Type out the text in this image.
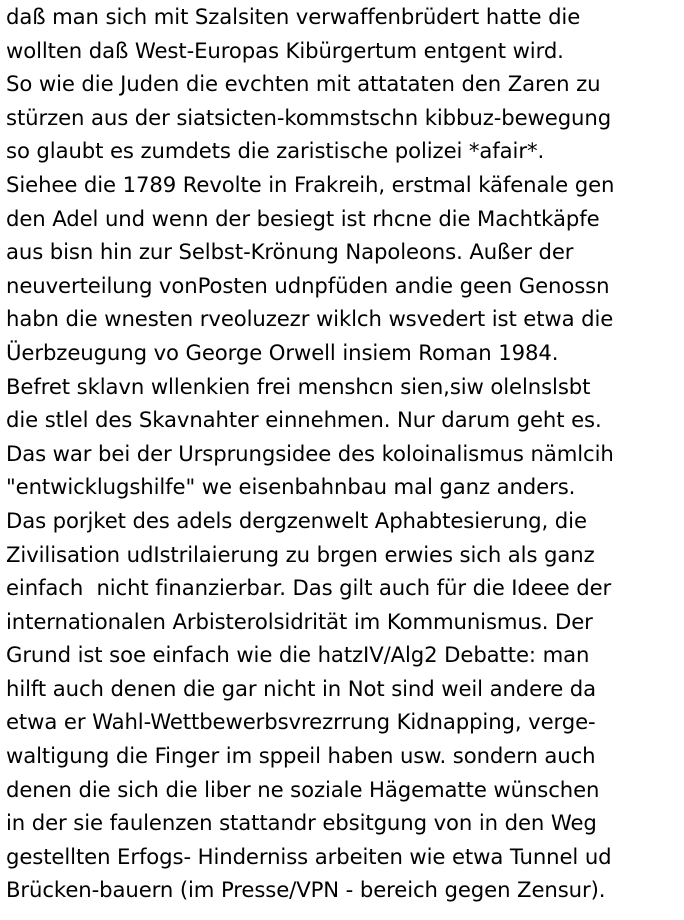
daß man sich mit Szalsiten verwaffenbrüdert hatte die
wollten daß West-Europas Kibürgertum entgent wird.
So wie die Juden die evchten mit attatat​en den Zaren zu
stürzen aus der siatsicten-kommstschn kibbuz-bewegung
so glaubt es zumdets die zaristische polizei *afair*.
Siehee die 1789 Revolte in Frakreih, erstmal käfenale gen
den Adel und wenn der besiegt ist rhcne die Machtkäpfe
aus bisn hin zur Selbst-Krönung Napoleons. Außer der
neuverteilung vonPosten udnpfüden andie geen Genossn
habn die wnesten rveoluzezr wiklch wsvedert ist etwa die
Üerbzeugung vo George Orwell insiem Roman 1984.
Befret sklavn wllenkien frei menshcn sien,siw olelnslsbt
die stlel des Skavnahter einnehmen. Nur darum geht es.
Das war bei der Ursprungsidee des koloinalismus nämlcih
"entwicklugshilfe" we eisenbahnbau mal ganz anders.
Das porjket des adels dergzenwelt Aphabtesierung, die
Zivilisation udIstrilaierung zu brgen erwies sich als ganz
einfach  nicht finanzierbar. Das gilt auch für die Ideee der
internationalen Arbisterolsidrität im Kommunismus. Der
Grund ist soe einfach wie die hatzIV/Alg2 Debatte: man
hilft auch denen die gar nicht in Not sind weil andere da
etwa er Wahl-Wettbewerbsvrezrrung Kidnapping, verge-
waltigung die Finger im sppeil haben usw. sondern auch
denen die sich die liber ne soziale Hägematte wünschen
in der sie faulenzen stattandr ebsitgung von in den Weg
gestellten Erfogs- Hinderniss arbeiten wie etwa Tunnel ud
Brücken-bauern (im Presse/VPN - bereich gegen Zensur).
